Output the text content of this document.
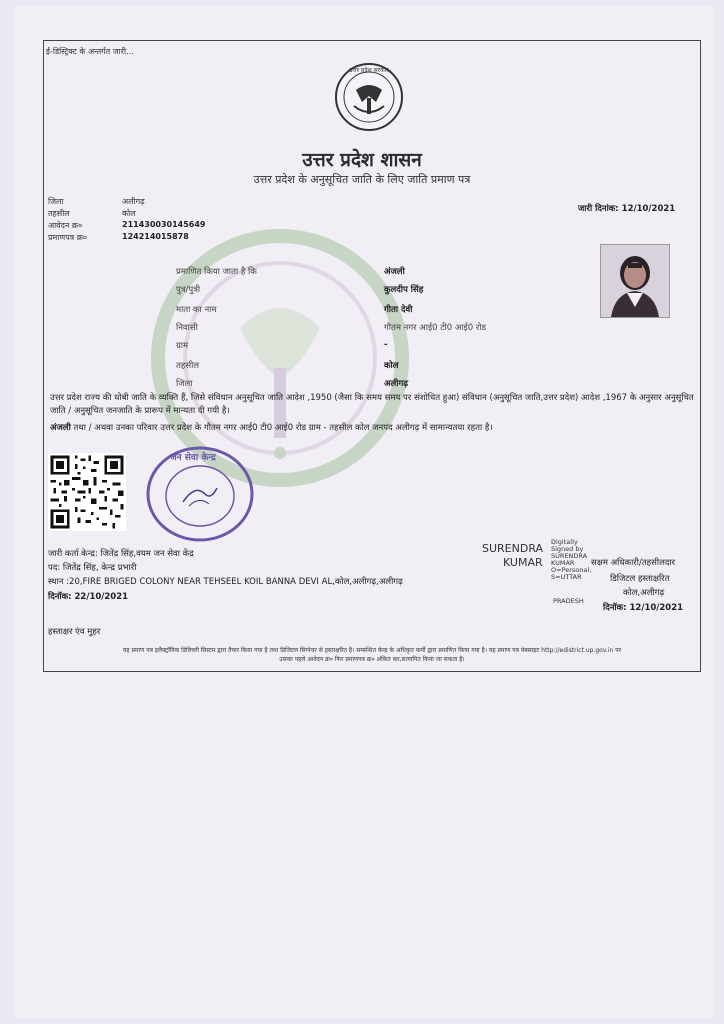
ई-डिस्ट्रिक्ट के अन्तर्गत जारी...
उत्तर प्रदेश सरकार
उत्तर प्रदेश शासन
उत्तर प्रदेश के अनुसूचित जाति के लिए जाति प्रमाण पत्र
जिला	अलीगढ़
तहसील	कोल
आवेदन क्र०	211430030145649
प्रमाणपत्र क्र०	124214015878
जारी दिनांक: 12/10/2021
प्रमाणित किया जाता है कि	अंजली
पुत्र/पुत्री	कुलदीप सिंह
माता का नाम	गीता देवी
निवासी	गौतम नगर आई0 टी0 आई0 रोड
ग्राम	-
तहसील	कोल
जिला	अलीगढ़
उत्तर प्रदेश राज्य की धोबी जाति के व्यक्ति हैं, जिसे संविधान अनुसूचित जाति आदेश ,1950 (जैसा कि समय समय पर संशोधित हुआ) संविधान (अनुसूचित जाति,उत्तर प्रदेश) आदेश ,1967 के अनुसार अनुसूचित जाति / अनुसूचित जनजाति के प्रारूप में मान्यता दी गयी है।
अंजली तथा / अथवा उनका परिवार उत्तर प्रदेश के गौतम नगर आई0 टी0 आई0 रोड ग्राम - तहसील कोल जनपद अलीगढ़ में सामान्यतया रहता है।
जन सेवा केन्द्र
जारी कर्ता केन्द्र: जितेंद्र सिंह,वयम जन सेवा केंद्र
पद: जितेंद्र सिंह, केन्द्र प्रभारी
स्थान :20,FIRE BRIGED COLONY NEAR TEHSEEL KOIL BANNA DEVI AL,कोल,अलीगढ़,अलीगढ़
दिनॉक: 22/10/2021
हस्ताक्षर एंव मुहर
SURENDRA
KUMAR
Digitally
Signed by
SURENDRA
KUMAR
O=Personal,
S=UTTAR
PRADESH
सक्षम अधिकारी/तहसीलदार
डिजिटल हस्ताक्षरित
कोल,अलीगढ़
दिनॉक: 12/10/2021
यह प्रमाण पत्र इलैक्ट्रॉनिक डिलिवरी सिस्टम द्वारा तैयार किया गया है तथा डिजिटल सिग्नेचर से हस्ताक्षरित है। सम्बन्धित केन्द्र के अधिकृत कर्मी द्वारा प्रमाणित किया गया है। यह प्रमाण पत्र वेबसाइट http://edistrict.up.gov.in पर
उसका पहले आवेदन क्र० फिर प्रमाणपत्र क्र० अंकित कर,सत्यापित किया जा सकता है।
